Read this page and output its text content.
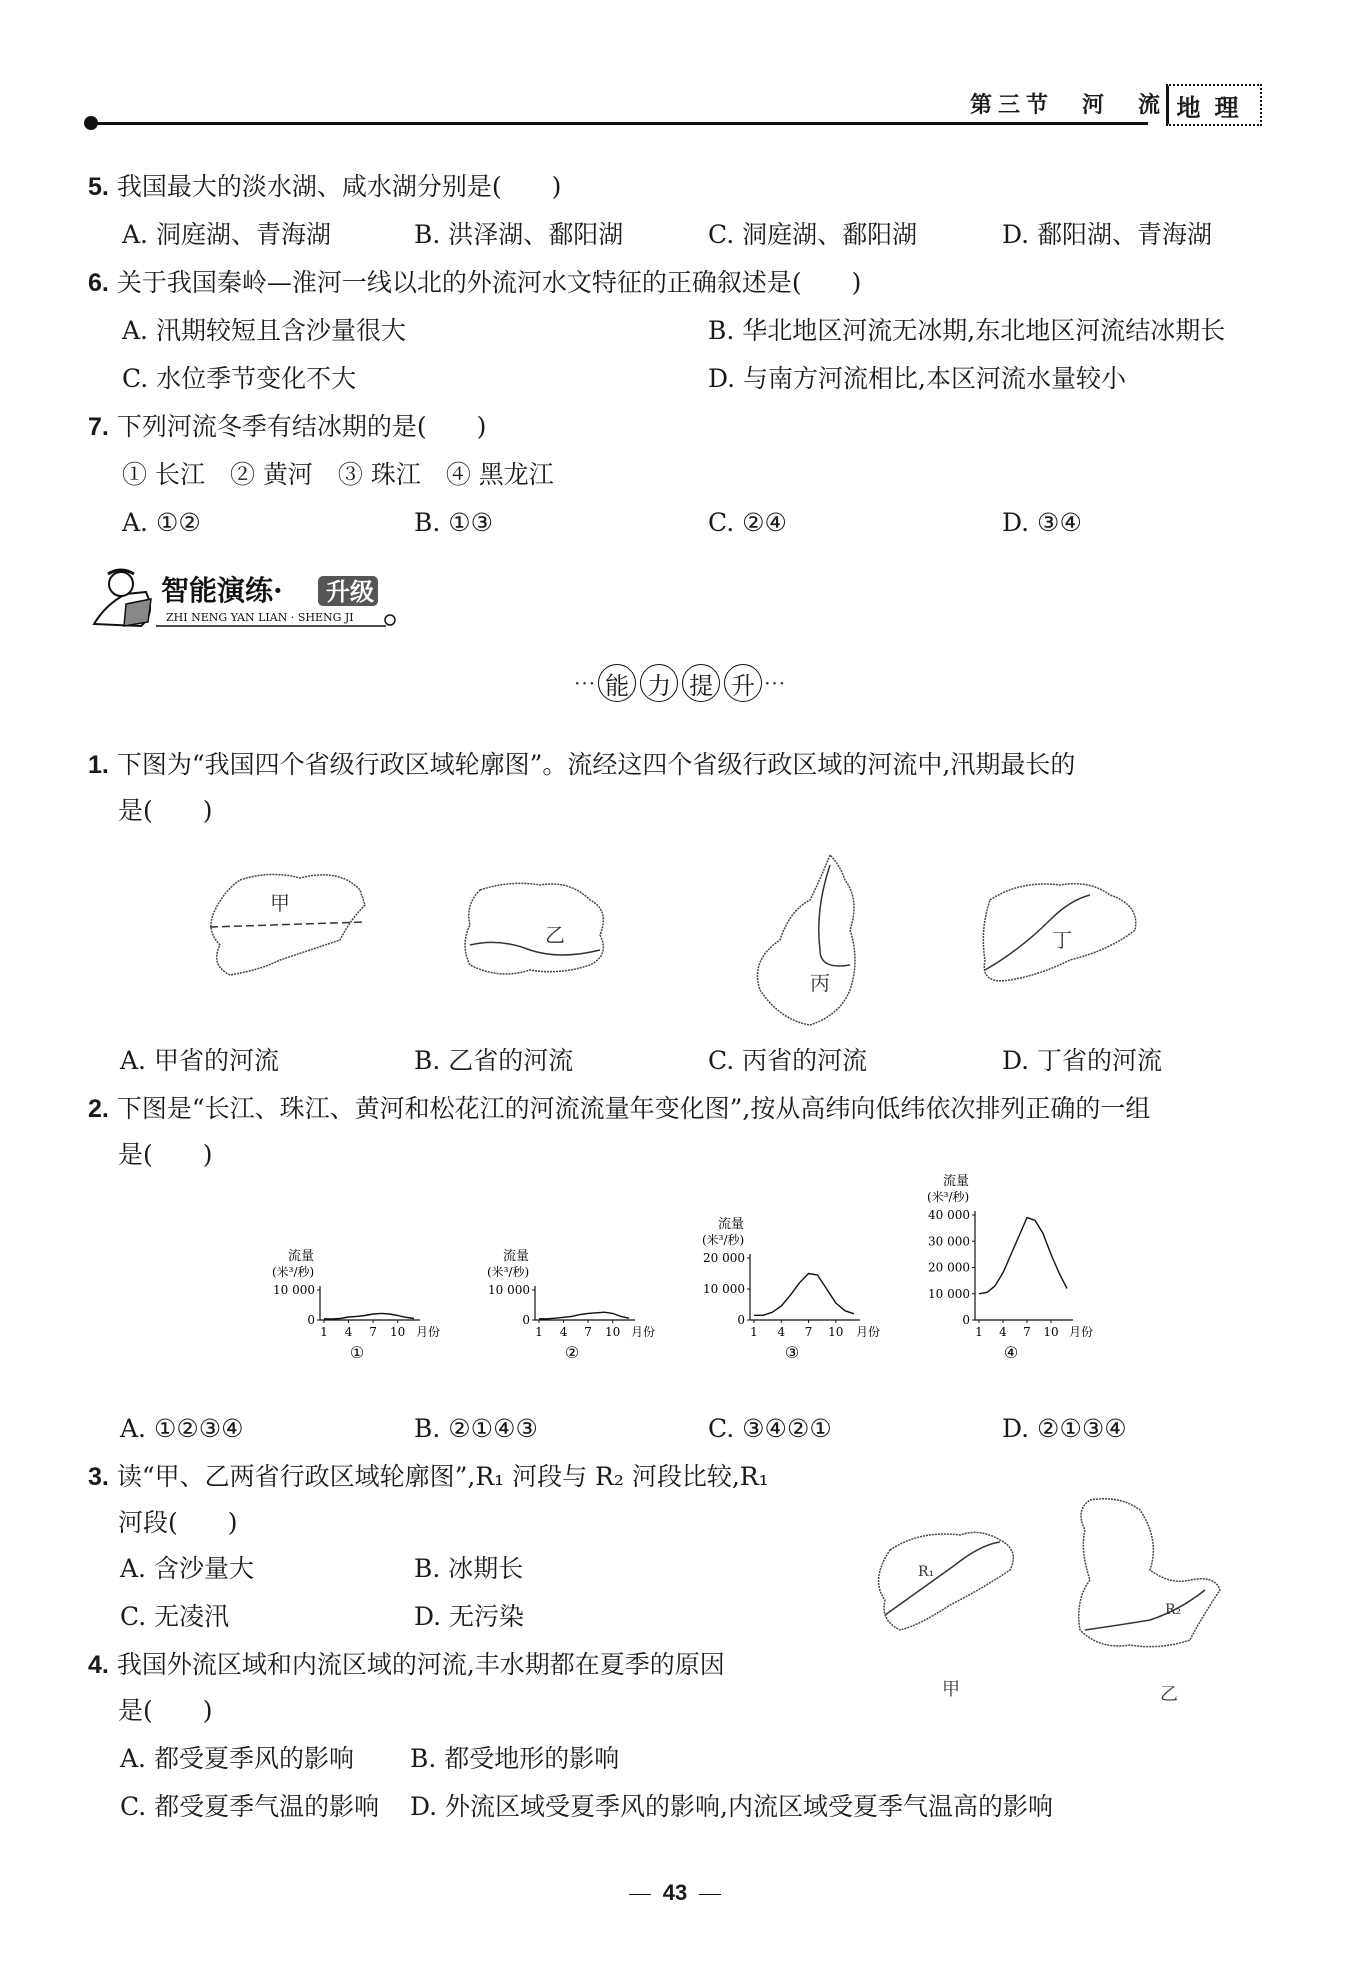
第三节　河　流 地理
5. 我国最大的淡水湖、咸水湖分别是(　　)
A. 洞庭湖、青海湖	B. 洪泽湖、鄱阳湖	C. 洞庭湖、鄱阳湖	D. 鄱阳湖、青海湖
6. 关于我国秦岭—淮河一线以北的外流河水文特征的正确叙述是(　　)
A. 汛期较短且含沙量很大	B. 华北地区河流无冰期,东北地区河流结冰期长
C. 水位季节变化不大	D. 与南方河流相比,本区河流水量较小
7. 下列河流冬季有结冰期的是(　　)
① 长江　② 黄河　③ 珠江　④ 黑龙江
A. ①②	B. ①③	C. ②④	D. ③④
智能演练· 升级
ZHI NENG YAN LIAN · SHENG JI
··· 能 力 提 升 ···
1. 下图为“我国四个省级行政区域轮廓图”。流经这四个省级行政区域的河流中,汛期最长的
是(　　)
甲
乙
丙
丁
A. 甲省的河流	B. 乙省的河流	C. 丙省的河流	D. 丁省的河流
2. 下图是“长江、珠江、黄河和松花江的河流流量年变化图”,按从高纬向低纬依次排列正确的一组
是(　　)
流量
(米³/秒)
0
10 000
1 4 7 10 月份
①
流量
(米³/秒)
0
10 000
1 4 7 10 月份
②
流量
(米³/秒)
0
10 000
20 000
1 4 7 10 月份
③
流量
(米³/秒)
0
10 000
20 000
30 000
40 000
1 4 7 10 月份
④
A. ①②③④	B. ②①④③	C. ③④②①	D. ②①③④
3. 读“甲、乙两省行政区域轮廓图”,R₁ 河段与 R₂ 河段比较,R₁
河段(　　)
A. 含沙量大	B. 冰期长
C. 无凌汛	D. 无污染
R₁
甲
R₂
乙
4. 我国外流区域和内流区域的河流,丰水期都在夏季的原因
是(　　)
A. 都受夏季风的影响 B. 都受地形的影响
C. 都受夏季气温的影响 D. 外流区域受夏季风的影响,内流区域受夏季气温高的影响
43
